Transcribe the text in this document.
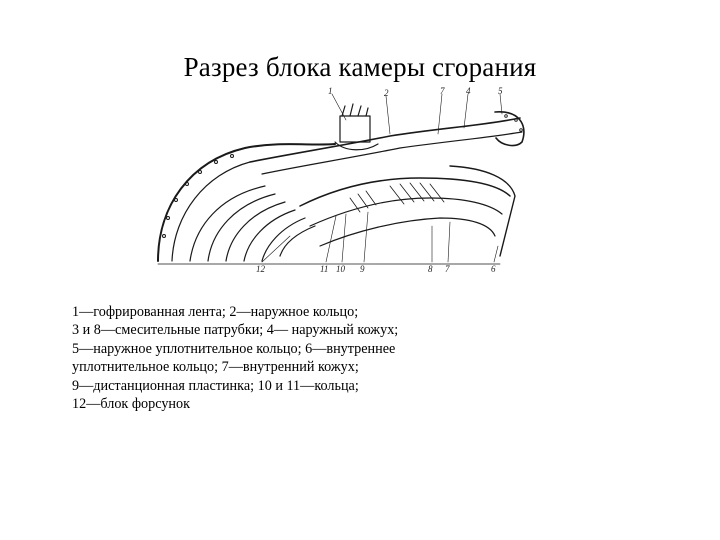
Разрез блока камеры сгорания
1	2	7 4	5
12	11 10 9	8 7	6
1—гофрированная лента; 2—наружное кольцо;
3 и 8—смесительные патрубки; 4— наружный кожух;
5—наружное уплотнительное кольцо; 6—внутреннее
уплотнительное кольцо; 7—внутренний кожух;
9—дистанционная пластинка; 10 и 11—кольца;
12—блок форсунок
